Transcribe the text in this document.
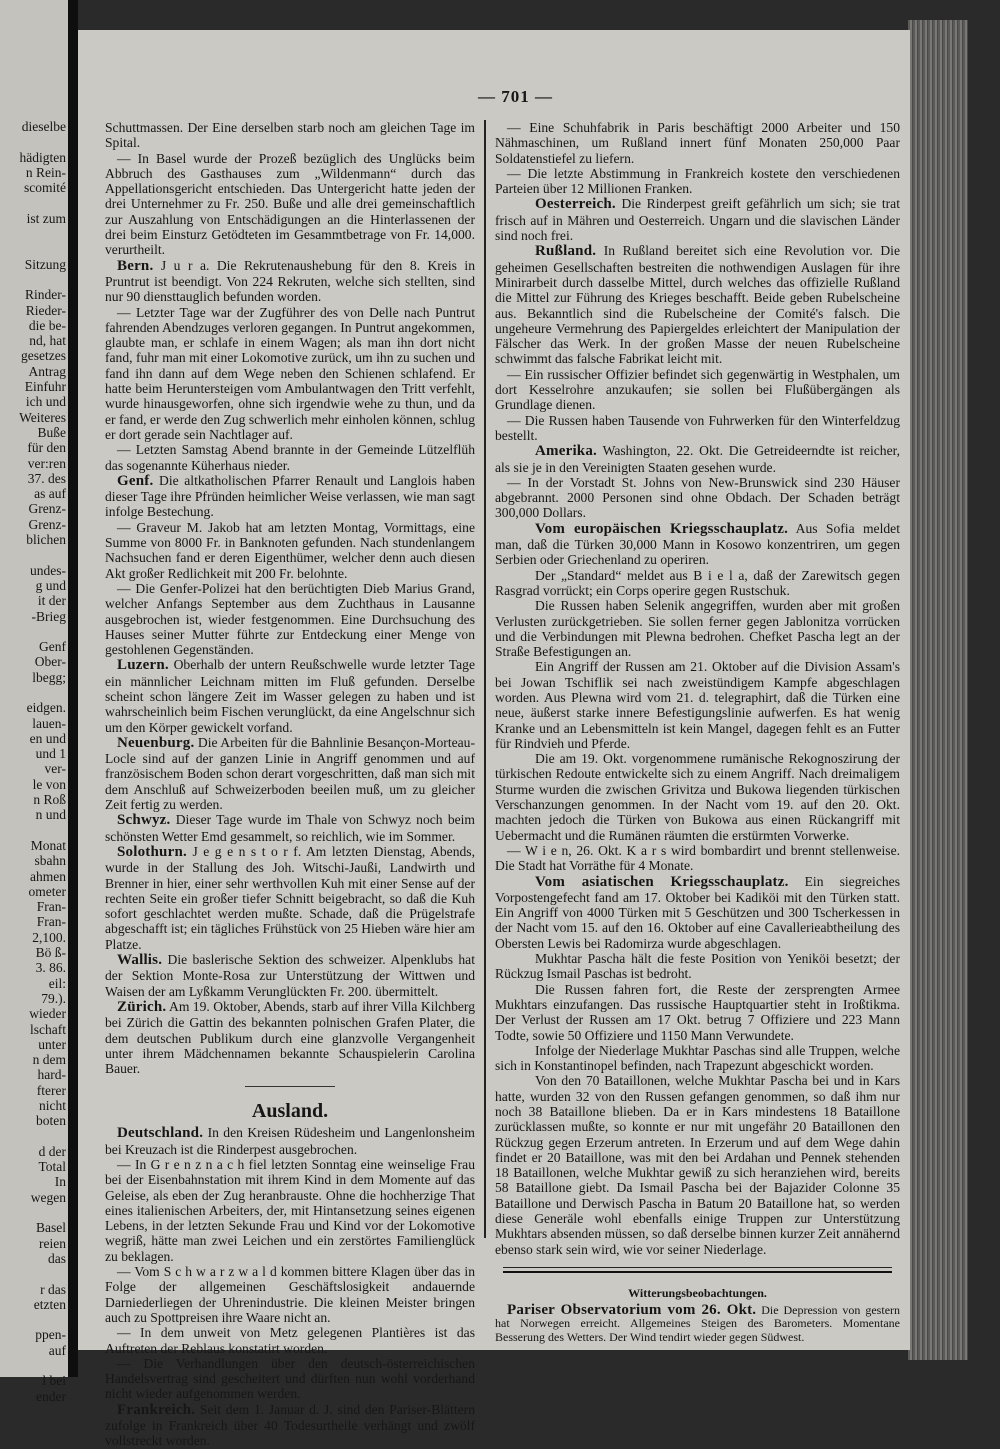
dieselbe

hädigten
n Rein-
scomité

ist zum

Sitzung

Rinder-
Rieder-
die be-
nd, hat
gesetzes
Antrag
Einfuhr
ich und
Weiteres
Buße
für den
ver:ren
37. des
as auf
Grenz-
Grenz-
blichen

undes-
g und
it der
-Brieg

Genf
Ober-
lbegg;

eidgen.
lauen-
en und
und 1
ver-
le von
n Roß
n und

Monat
sbahn
ahmen
ometer
Fran-
Fran-
2,100.
Bö ß-
3. 86.
eil:
79.).
wieder
lschaft
unter
n dem
hard-
fterer
nicht
boten

d der
Total
In
wegen

Basel
reien
das

r das
etzten

ppen-
auf

l bei
ender
— 701 —

Schuttmassen. Der Eine derselben starb noch am gleichen Tage im Spital.

— In Basel wurde der Prozeß bezüglich des Unglücks beim Abbruch des Gasthauses zum „Wildenmann“ durch das Appellationsgericht entschieden. Das Untergericht hatte jeden der drei Unternehmer zu Fr. 250. Buße und alle drei gemeinschaftlich zur Auszahlung von Entschädigungen an die Hinterlassenen der drei beim Einsturz Getödteten im Gesammtbetrage von Fr. 14,000. verurtheilt.

Bern. J u r a. Die Rekrutenaushebung für den 8. Kreis in Pruntrut ist beendigt. Von 224 Rekruten, welche sich stellten, sind nur 90 diensttauglich befunden worden.

— Letzter Tage war der Zugführer des von Delle nach Puntrut fahrenden Abendzuges verloren gegangen. In Puntrut angekommen, glaubte man, er schlafe in einem Wagen; als man ihn dort nicht fand, fuhr man mit einer Lokomotive zurück, um ihn zu suchen und fand ihn dann auf dem Wege neben den Schienen schlafend. Er hatte beim Heruntersteigen vom Ambulantwagen den Tritt verfehlt, wurde hinausgeworfen, ohne sich irgendwie wehe zu thun, und da er fand, er werde den Zug schwerlich mehr einholen können, schlug er dort gerade sein Nachtlager auf.

— Letzten Samstag Abend brannte in der Gemeinde Lützelflüh das sogenannte Küherhaus nieder.

Genf. Die altkatholischen Pfarrer Renault und Langlois haben dieser Tage ihre Pfründen heimlicher Weise verlassen, wie man sagt infolge Bestechung.

— Graveur M. Jakob hat am letzten Montag, Vormittags, eine Summe von 8000 Fr. in Banknoten gefunden. Nach stundenlangem Nachsuchen fand er deren Eigenthümer, welcher denn auch diesen Akt großer Redlichkeit mit 200 Fr. belohnte.

— Die Genfer-Polizei hat den berüchtigten Dieb Marius Grand, welcher Anfangs September aus dem Zuchthaus in Lausanne ausgebrochen ist, wieder festgenommen. Eine Durchsuchung des Hauses seiner Mutter führte zur Entdeckung einer Menge von gestohlenen Gegenständen.

Luzern. Oberhalb der untern Reußschwelle wurde letzter Tage ein männlicher Leichnam mitten im Fluß gefunden. Derselbe scheint schon längere Zeit im Wasser gelegen zu haben und ist wahrscheinlich beim Fischen verunglückt, da eine Angelschnur sich um den Körper gewickelt vorfand.

Neuenburg. Die Arbeiten für die Bahnlinie Besançon-Morteau-Locle sind auf der ganzen Linie in Angriff genommen und auf französischem Boden schon derart vorgeschritten, daß man sich mit dem Anschluß auf Schweizerboden beeilen muß, um zu gleicher Zeit fertig zu werden.

Schwyz. Dieser Tage wurde im Thale von Schwyz noch beim schönsten Wetter Emd gesammelt, so reichlich, wie im Sommer.

Solothurn. J e g e n s t o r f. Am letzten Dienstag, Abends, wurde in der Stallung des Joh. Witschi-Jaußi, Landwirth und Brenner in hier, einer sehr werthvollen Kuh mit einer Sense auf der rechten Seite ein großer tiefer Schnitt beigebracht, so daß die Kuh sofort geschlachtet werden mußte. Schade, daß die Prügelstrafe abgeschafft ist; ein tägliches Frühstück von 25 Hieben wäre hier am Platze.

Wallis. Die baslerische Sektion des schweizer. Alpenklubs hat der Sektion Monte-Rosa zur Unterstützung der Wittwen und Waisen der am Lyßkamm Verunglückten Fr. 200. übermittelt.

Zürich. Am 19. Oktober, Abends, starb auf ihrer Villa Kilchberg bei Zürich die Gattin des bekannten polnischen Grafen Plater, die dem deutschen Publikum durch eine glanzvolle Vergangenheit unter ihrem Mädchennamen bekannte Schauspielerin Carolina Bauer.

Ausland.

Deutschland. In den Kreisen Rüdesheim und Langenlonsheim bei Kreuzach ist die Rinderpest ausgebrochen.

— In G r e n z n a c h fiel letzten Sonntag eine weinselige Frau bei der Eisenbahnstation mit ihrem Kind in dem Momente auf das Geleise, als eben der Zug heranbrauste. Ohne die hochherzige That eines italienischen Arbeiters, der, mit Hintansetzung seines eigenen Lebens, in der letzten Sekunde Frau und Kind vor der Lokomotive wegriß, hätte man zwei Leichen und ein zerstörtes Familienglück zu beklagen.

— Vom S c h w a r z w a l d kommen bittere Klagen über das in Folge der allgemeinen Geschäftslosigkeit andauernde Darniederliegen der Uhrenindustrie. Die kleinen Meister bringen auch zu Spottpreisen ihre Waare nicht an.

— In dem unweit von Metz gelegenen Plantières ist das Auftreten der Reblaus konstatirt worden.

— Die Verhandlungen über den deutsch-österreichischen Handelsvertrag sind gescheitert und dürften nun wohl vorderhand nicht wieder aufgenommen werden.

Frankreich. Seit dem 1. Januar d. J. sind den Pariser-Blättern zufolge in Frankreich über 40 Todesurtheile verhängt und zwölf vollstreckt worden.

— Eine Schuhfabrik in Paris beschäftigt 2000 Arbeiter und 150 Nähmaschinen, um Rußland innert fünf Monaten 250,000 Paar Soldatenstiefel zu liefern.

— Die letzte Abstimmung in Frankreich kostete den verschiedenen Parteien über 12 Millionen Franken.

Oesterreich. Die Rinderpest greift gefährlich um sich; sie trat frisch auf in Mähren und Oesterreich. Ungarn und die slavischen Länder sind noch frei.

Rußland. In Rußland bereitet sich eine Revolution vor. Die geheimen Gesellschaften bestreiten die nothwendigen Auslagen für ihre Minirarbeit durch dasselbe Mittel, durch welches das offizielle Rußland die Mittel zur Führung des Krieges beschafft. Beide geben Rubelscheine aus. Bekanntlich sind die Rubelscheine der Comité's falsch. Die ungeheure Vermehrung des Papiergeldes erleichtert der Manipulation der Fälscher das Werk. In der großen Masse der neuen Rubelscheine schwimmt das falsche Fabrikat leicht mit.

— Ein russischer Offizier befindet sich gegenwärtig in Westphalen, um dort Kesselrohre anzukaufen; sie sollen bei Flußübergängen als Grundlage dienen.

— Die Russen haben Tausende von Fuhrwerken für den Winterfeldzug bestellt.

Amerika. Washington, 22. Okt. Die Getreideerndte ist reicher, als sie je in den Vereinigten Staaten gesehen wurde.

— In der Vorstadt St. Johns von New-Brunswick sind 230 Häuser abgebrannt. 2000 Personen sind ohne Obdach. Der Schaden beträgt 300,000 Dollars.

Vom europäischen Kriegsschauplatz. Aus Sofia meldet man, daß die Türken 30,000 Mann in Kosowo konzentriren, um gegen Serbien oder Griechenland zu operiren.

Der „Standard“ meldet aus B i e l a, daß der Zarewitsch gegen Rasgrad vorrückt; ein Corps operire gegen Rustschuk.

Die Russen haben Selenik angegriffen, wurden aber mit großen Verlusten zurückgetrieben. Sie sollen ferner gegen Jablonitza vorrücken und die Verbindungen mit Plewna bedrohen. Chefket Pascha legt an der Straße Befestigungen an.

Ein Angriff der Russen am 21. Oktober auf die Division Assam's bei Jowan Tschiflik sei nach zweistündigem Kampfe abgeschlagen worden. Aus Plewna wird vom 21. d. telegraphirt, daß die Türken eine neue, äußerst starke innere Befestigungslinie aufwerfen. Es hat wenig Kranke und an Lebensmitteln ist kein Mangel, dagegen fehlt es an Futter für Rindvieh und Pferde.

Die am 19. Okt. vorgenommene rumänische Rekognoszirung der türkischen Redoute entwickelte sich zu einem Angriff. Nach dreimaligem Sturme wurden die zwischen Grivitza und Bukowa liegenden türkischen Verschanzungen genommen. In der Nacht vom 19. auf den 20. Okt. machten jedoch die Türken von Bukowa aus einen Rückangriff mit Uebermacht und die Rumänen räumten die erstürmten Vorwerke.

— W i e n, 26. Okt. K a r s wird bombardirt und brennt stellenweise. Die Stadt hat Vorräthe für 4 Monate.

Vom asiatischen Kriegsschauplatz. Ein siegreiches Vorpostengefecht fand am 17. Oktober bei Kadiköi mit den Türken statt. Ein Angriff von 4000 Türken mit 5 Geschützen und 300 Tscherkessen in der Nacht vom 15. auf den 16. Oktober auf eine Cavallerieabtheilung des Obersten Lewis bei Radomirza wurde abgeschlagen.

Mukhtar Pascha hält die feste Position von Yeniköi besetzt; der Rückzug Ismail Paschas ist bedroht.

Die Russen fahren fort, die Reste der zersprengten Armee Mukhtars einzufangen. Das russische Hauptquartier steht in Iroßtikma. Der Verlust der Russen am 17 Okt. betrug 7 Offiziere und 223 Mann Todte, sowie 50 Offiziere und 1150 Mann Verwundete.

Infolge der Niederlage Mukhtar Paschas sind alle Truppen, welche sich in Konstantinopel befinden, nach Trapezunt abgeschickt worden.

Von den 70 Bataillonen, welche Mukhtar Pascha bei und in Kars hatte, wurden 32 von den Russen gefangen genommen, so daß ihm nur noch 38 Bataillone blieben. Da er in Kars mindestens 18 Bataillone zurücklassen mußte, so konnte er nur mit ungefähr 20 Bataillonen den Rückzug gegen Erzerum antreten. In Erzerum und auf dem Wege dahin findet er 20 Bataillone, was mit den bei Ardahan und Pennek stehenden 18 Bataillonen, welche Mukhtar gewiß zu sich heranziehen wird, bereits 58 Bataillone giebt. Da Ismail Pascha bei der Bajazider Colonne 35 Bataillone und Derwisch Pascha in Batum 20 Bataillone hat, so werden diese Generäle wohl ebenfalls einige Truppen zur Unterstützung Mukhtars absenden müssen, so daß derselbe binnen kurzer Zeit annähernd ebenso stark sein wird, wie vor seiner Niederlage.

Witterungsbeobachtungen.

Pariser Observatorium vom 26. Okt. Die Depression von gestern hat Norwegen erreicht. Allgemeines Steigen des Barometers. Momentane Besserung des Wetters. Der Wind tendirt wieder gegen Südwest.
